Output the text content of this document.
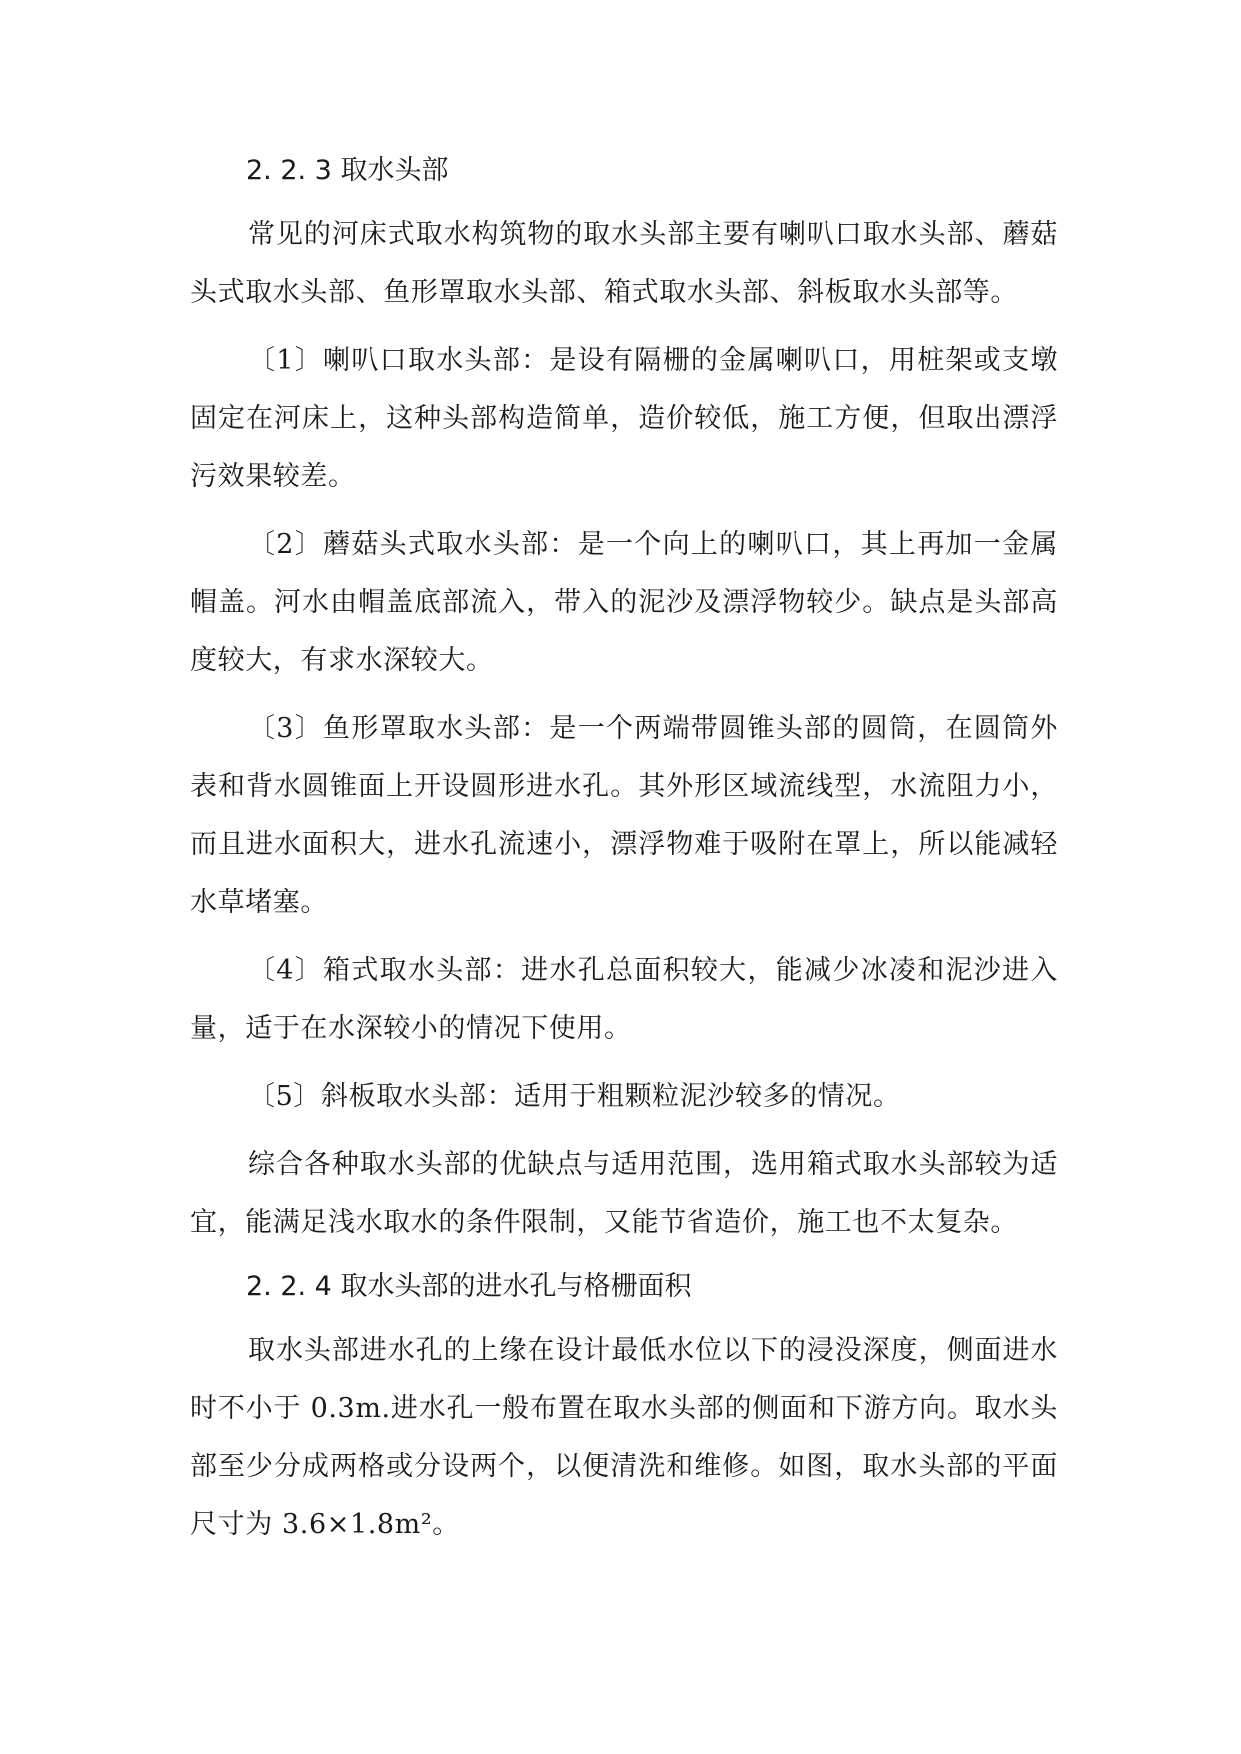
2. 2. 3 取水头部

常见的河床式取水构筑物的取水头部主要有喇叭口取水头部、蘑菇头式取水头部、鱼形罩取水头部、箱式取水头部、斜板取水头部等。

〔1〕喇叭口取水头部：是设有隔栅的金属喇叭口，用桩架或支墩固定在河床上，这种头部构造简单，造价较低，施工方便，但取出漂浮污效果较差。

〔2〕蘑菇头式取水头部：是一个向上的喇叭口，其上再加一金属帽盖。河水由帽盖底部流入，带入的泥沙及漂浮物较少。缺点是头部高度较大，有求水深较大。

〔3〕鱼形罩取水头部：是一个两端带圆锥头部的圆筒，在圆筒外表和背水圆锥面上开设圆形进水孔。其外形区域流线型，水流阻力小，而且进水面积大，进水孔流速小，漂浮物难于吸附在罩上，所以能减轻水草堵塞。

〔4〕箱式取水头部：进水孔总面积较大，能减少冰凌和泥沙进入量，适于在水深较小的情况下使用。

〔5〕斜板取水头部：适用于粗颗粒泥沙较多的情况。

综合各种取水头部的优缺点与适用范围，选用箱式取水头部较为适宜，能满足浅水取水的条件限制，又能节省造价，施工也不太复杂。

2. 2. 4 取水头部的进水孔与格栅面积

取水头部进水孔的上缘在设计最低水位以下的浸没深度，侧面进水时不小于 0.3m.进水孔一般布置在取水头部的侧面和下游方向。取水头部至少分成两格或分设两个，以便清洗和维修。如图，取水头部的平面尺寸为 3.6×1.8m²。
